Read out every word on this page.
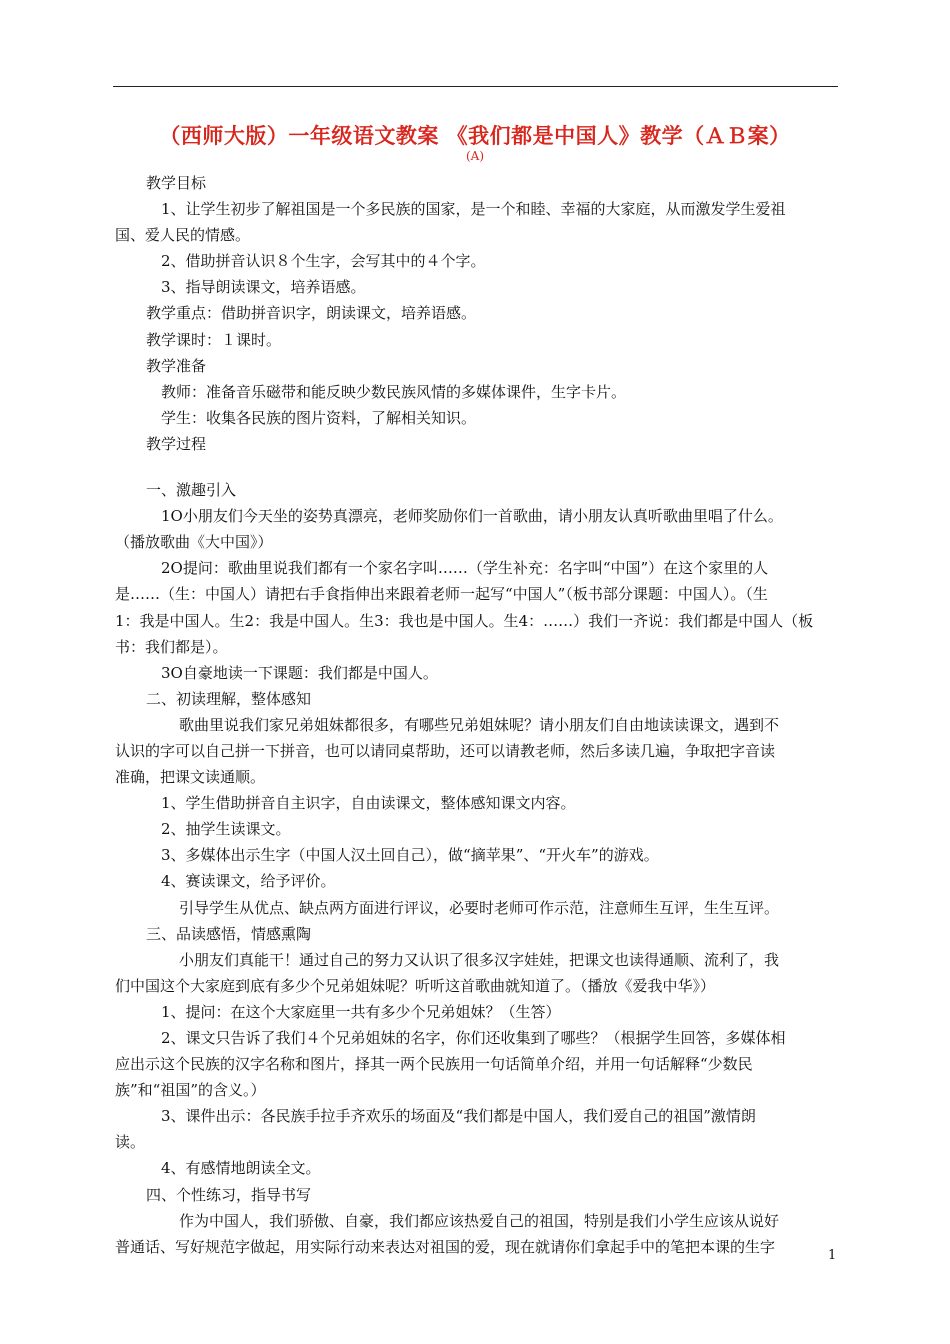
（西师大版）一年级语文教案 《我们都是中国人》教学（ＡＢ案）
(A)
教学目标
1、让学生初步了解祖国是一个多民族的国家，是一个和睦、幸福的大家庭，从而激发学生爱祖
国、爱人民的情感。
2、借助拼音认识８个生字，会写其中的４个字。
3、指导朗读课文，培养语感。
教学重点：借助拼音识字，朗读课文，培养语感。
教学课时：１课时。
教学准备
教师：准备音乐磁带和能反映少数民族风情的多媒体课件，生字卡片。
学生：收集各民族的图片资料，了解相关知识。
教学过程
一、激趣引入
1O小朋友们今天坐的姿势真漂亮，老师奖励你们一首歌曲，请小朋友认真听歌曲里唱了什么。
（播放歌曲《大中国》）
2O提问：歌曲里说我们都有一个家名字叫……（学生补充：名字叫“中国”）在这个家里的人
是……（生：中国人）请把右手食指伸出来跟着老师一起写“中国人”（板书部分课题：中国人）。（生
1：我是中国人。生2：我是中国人。生3：我也是中国人。生4：……）我们一齐说：我们都是中国人（板
书：我们都是）。
3O自豪地读一下课题：我们都是中国人。
二、初读理解，整体感知
歌曲里说我们家兄弟姐妹都很多，有哪些兄弟姐妹呢？请小朋友们自由地读读课文，遇到不
认识的字可以自己拼一下拼音，也可以请同桌帮助，还可以请教老师，然后多读几遍，争取把字音读
准确，把课文读通顺。
1、学生借助拼音自主识字，自由读课文，整体感知课文内容。
2、抽学生读课文。
3、多媒体出示生字（中国人汉土回自己），做“摘苹果”、“开火车”的游戏。
4、赛读课文，给予评价。
引导学生从优点、缺点两方面进行评议，必要时老师可作示范，注意师生互评，生生互评。
三、品读感悟，情感熏陶
小朋友们真能干！通过自己的努力又认识了很多汉字娃娃，把课文也读得通顺、流利了，我
们中国这个大家庭到底有多少个兄弟姐妹呢？听听这首歌曲就知道了。（播放《爱我中华》）
1、提问：在这个大家庭里一共有多少个兄弟姐妹？（生答）
2、课文只告诉了我们４个兄弟姐妹的名字，你们还收集到了哪些？（根据学生回答，多媒体相
应出示这个民族的汉字名称和图片，择其一两个民族用一句话简单介绍，并用一句话解释“少数民
族”和“祖国”的含义。）
3、课件出示：各民族手拉手齐欢乐的场面及“我们都是中国人，我们爱自己的祖国”激情朗
读。
4、有感情地朗读全文。
四、个性练习，指导书写
作为中国人，我们骄傲、自豪，我们都应该热爱自己的祖国，特别是我们小学生应该从说好
普通话、写好规范字做起，用实际行动来表达对祖国的爱，现在就请你们拿起手中的笔把本课的生字	1
